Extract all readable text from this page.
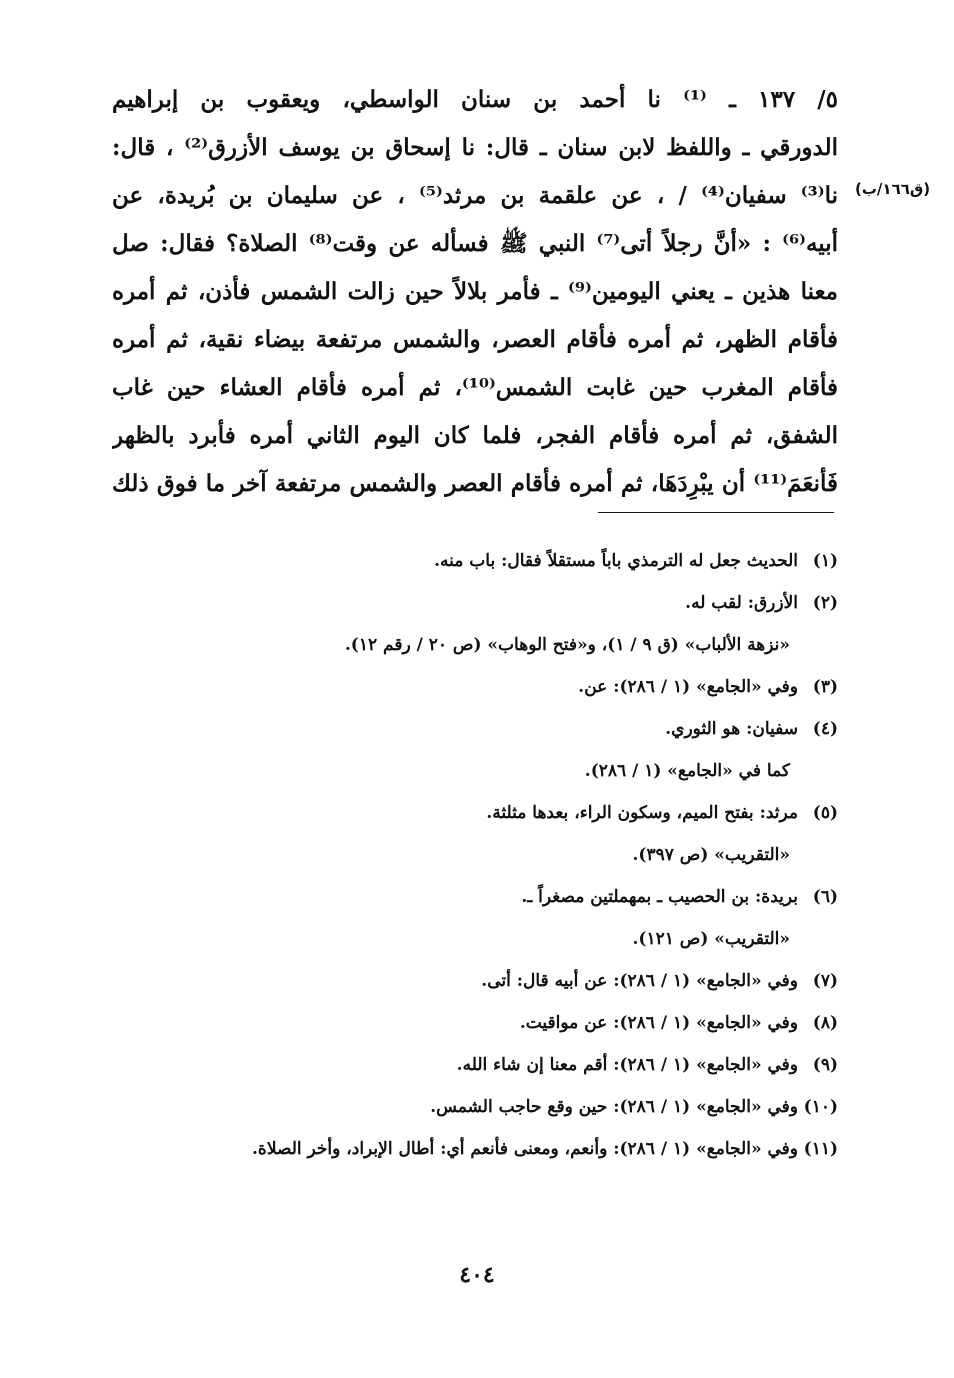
٥/ ١٣٧ ـ ⁽¹⁾ نا أحمد بن سنان الواسطي، ويعقوب بن إبراهيم
الدورقي ـ واللفظ لابن سنان ـ قال: نا إسحاق بن يوسف الأزرق⁽²⁾ ، قال:
نا⁽³⁾ سفيان⁽⁴⁾ / ، عن علقمة بن مرثد⁽⁵⁾ ، عن سليمان بن بُريدة، عن
أبيه⁽⁶⁾ : «أنَّ رجلاً أتى⁽⁷⁾ النبي ﷺ فسأله عن وقت⁽⁸⁾ الصلاة؟ فقال: صل
معنا هذين ـ يعني اليومين⁽⁹⁾ ـ فأمر بلالاً حين زالت الشمس فأذن، ثم أمره
فأقام الظهر، ثم أمره فأقام العصر، والشمس مرتفعة بيضاء نقية، ثم أمره
فأقام المغرب حين غابت الشمس⁽¹⁰⁾، ثم أمره فأقام العشاء حين غاب
الشفق، ثم أمره فأقام الفجر، فلما كان اليوم الثاني أمره فأبرد بالظهر
فَأنعَمَ⁽¹¹⁾ أن يبْرِدَهَا، ثم أمره فأقام العصر والشمس مرتفعة آخر ما فوق ذلك
(ق١٦٦/ب)
(١)الحديث جعل له الترمذي باباً مستقلاً فقال: باب منه.
(٢)الأزرق: لقب له.
«نزهة الألباب» (ق ٩ / ١)، و«فتح الوهاب» (ص ٢٠ / رقم ١٢).
(٣)وفي «الجامع» (١ / ٢٨٦): عن.
(٤)سفيان: هو الثوري.
كما في «الجامع» (١ / ٢٨٦).
(٥)مرثد: بفتح الميم، وسكون الراء، بعدها مثلثة.
«التقريب» (ص ٣٩٧).
(٦)بريدة: بن الحصيب ـ بمهملتين مصغراً ـ.
«التقريب» (ص ١٢١).
(٧)وفي «الجامع» (١ / ٢٨٦): عن أبيه قال: أتى.
(٨)وفي «الجامع» (١ / ٢٨٦): عن مواقيت.
(٩)وفي «الجامع» (١ / ٢٨٦): أقم معنا إن شاء الله.
(١٠)وفي «الجامع» (١ / ٢٨٦): حين وقع حاجب الشمس.
(١١)وفي «الجامع» (١ / ٢٨٦): وأنعم، ومعنى فأنعم أي: أطال الإبراد، وأخر الصلاة.
٤٠٤
